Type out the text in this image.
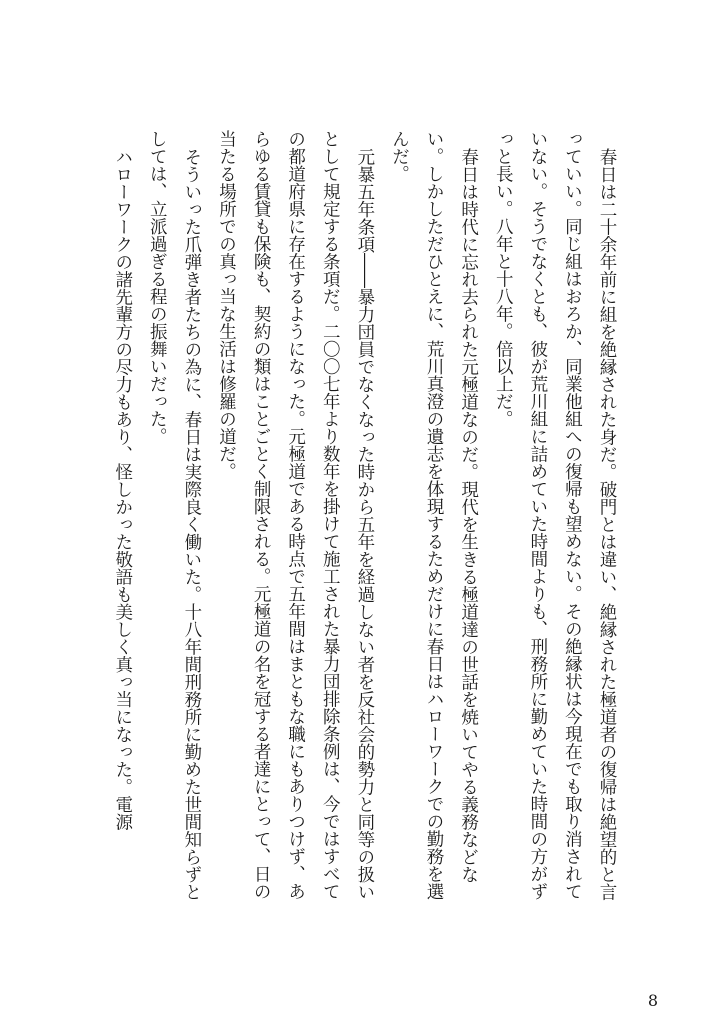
春日は二十余年前に組を絶縁された身だ。破門とは違い、絶縁された極道者の復帰は絶望的と言っていい。同じ組はおろか、同業他組への復帰も望めない。その絶縁状は今現在でも取り消されていない。そうでなくとも、彼が荒川組に詰めていた時間よりも、刑務所に勤めていた時間の方がずっと長い。八年と十八年。倍以上だ。

春日は時代に忘れ去られた元極道なのだ。現代を生きる極道達の世話を焼いてやる義務などない。しかしただひとえに、荒川真澄の遺志を体現するためだけに春日はハローワークでの勤務を選んだ。

元暴五年条項――暴力団員でなくなった時から五年を経過しない者を反社会的勢力と同等の扱いとして規定する条項だ。二〇〇七年より数年を掛けて施工された暴力団排除条例は、今ではすべての都道府県に存在するようになった。元極道である時点で五年間はまともな職にもありつけず、あらゆる賃貸も保険も、契約の類はことごとく制限される。元極道の名を冠する者達にとって、日の当たる場所での真っ当な生活は修羅の道だ。

そういった爪弾き者たちの為に、春日は実際良く働いた。十八年間刑務所に勤めた世間知らずとしては、立派過ぎる程の振舞いだった。

ハローワークの諸先輩方の尽力もあり、怪しかった敬語も美しく真っ当になった。電源

8
